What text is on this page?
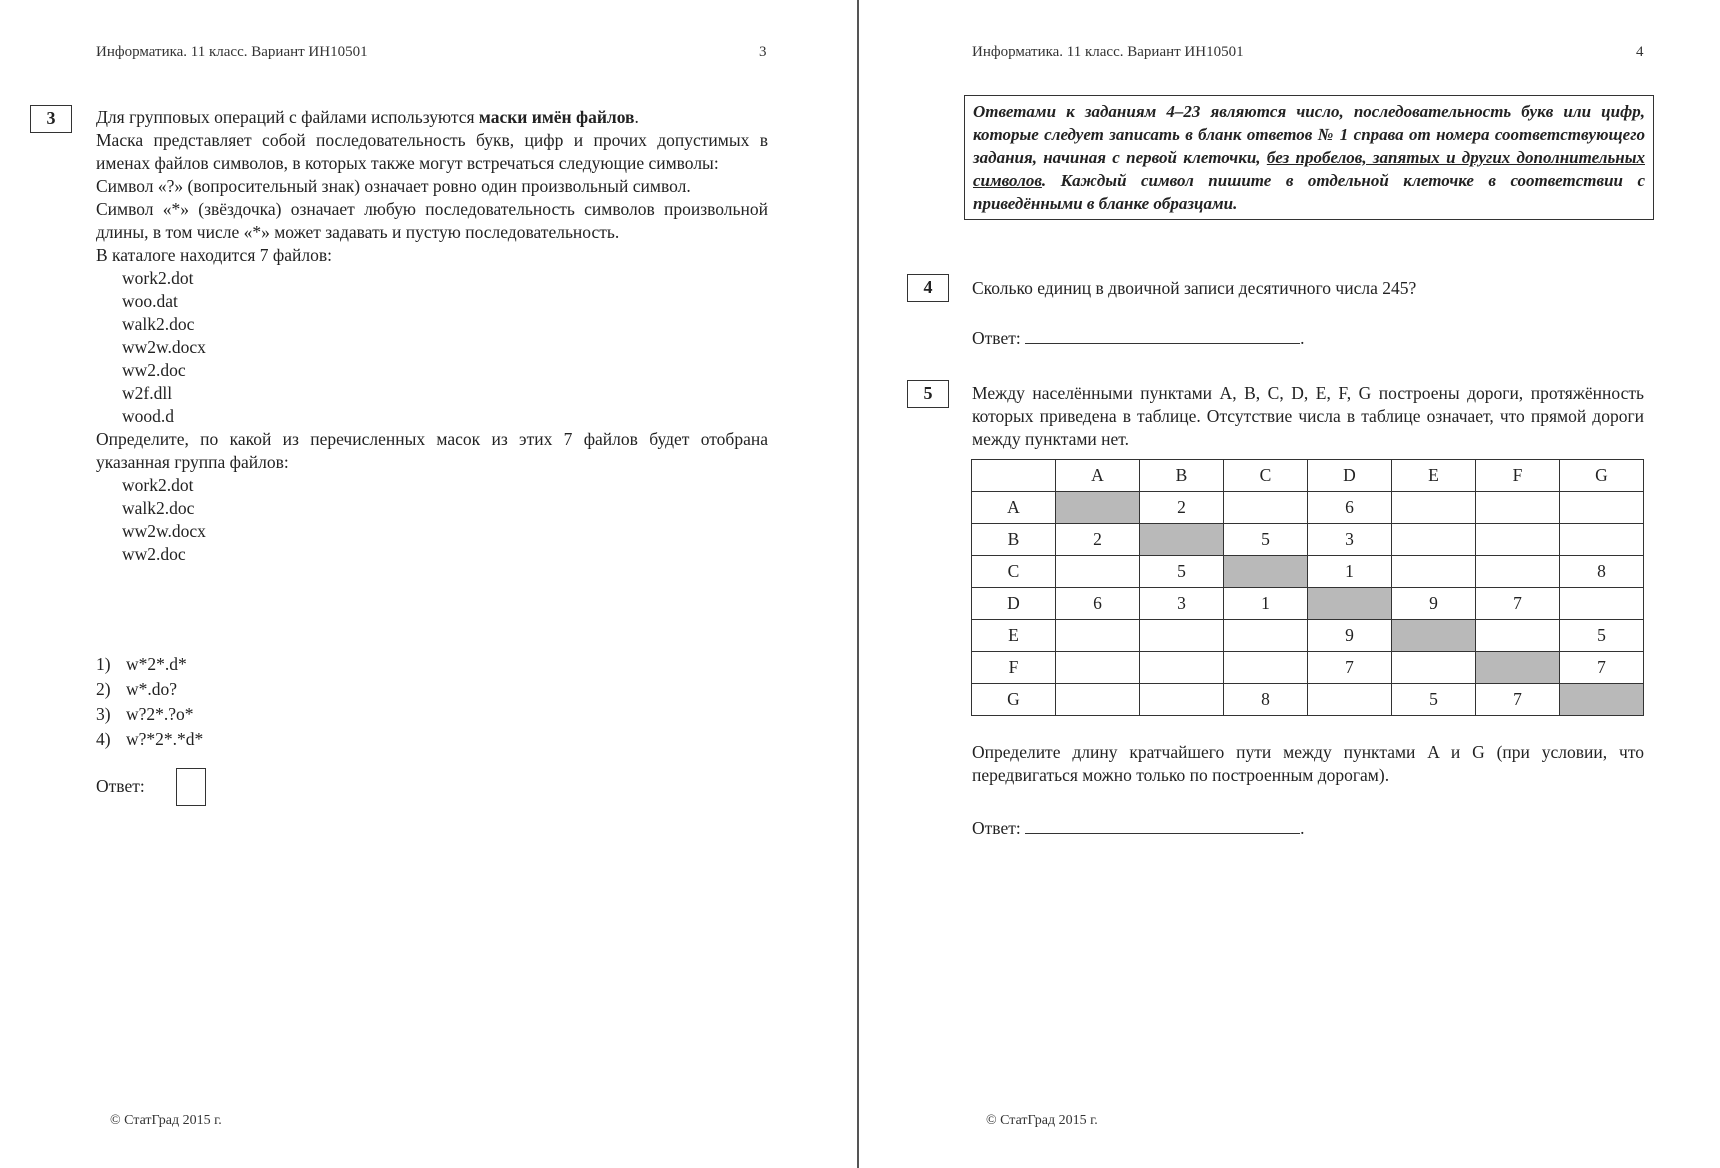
Информатика. 11 класс. Вариант ИН10501	3
3	Для групповых операций с файлами используются маски имён файлов.
Маска представляет собой последовательность букв, цифр и прочих допустимых в именах файлов символов, в которых также могут встречаться следующие символы:
Символ «?» (вопросительный знак) означает ровно один произвольный символ.
Символ «*» (звёздочка) означает любую последовательность символов произвольной длины, в том числе «*» может задавать и пустую последовательность.
В каталоге находится 7 файлов:
work2.dot
woo.dat
walk2.doc
ww2w.docx
ww2.doc
w2f.dll
wood.d
Определите, по какой из перечисленных масок из этих 7 файлов будет отобрана указанная группа файлов:
work2.dot
walk2.doc
ww2w.docx
ww2.doc
1) w*2*.d*
2) w*.do?
3) w?2*.?o*
4) w?*2*.*d*
Ответ:
© СтатГрад 2015 г.
Информатика. 11 класс. Вариант ИН10501	4
Ответами к заданиям 4–23 являются число, последовательность букв или цифр, которые следует записать в бланк ответов № 1 справа от номера соответствующего задания, начиная с первой клеточки, без пробелов, запятых и других дополнительных символов. Каждый символ пишите в отдельной клеточке в соответствии с приведёнными в бланке образцами.
4	Сколько единиц в двоичной записи десятичного числа 245?
Ответ:	.
5	Между населёнными пунктами A, B, C, D, E, F, G построены дороги, протяжённость которых приведена в таблице. Отсутствие числа в таблице означает, что прямой дороги между пунктами нет.
	A	B	C	D	E	F	G
A		2		6			
B	2		5	3			
C		5		1			8
D	6	3	1		9	7	
E				9			5
F				7			7
G			8		5	7	
Определите длину кратчайшего пути между пунктами A и G (при условии, что передвигаться можно только по построенным дорогам).
Ответ:	.
© СтатГрад 2015 г.
